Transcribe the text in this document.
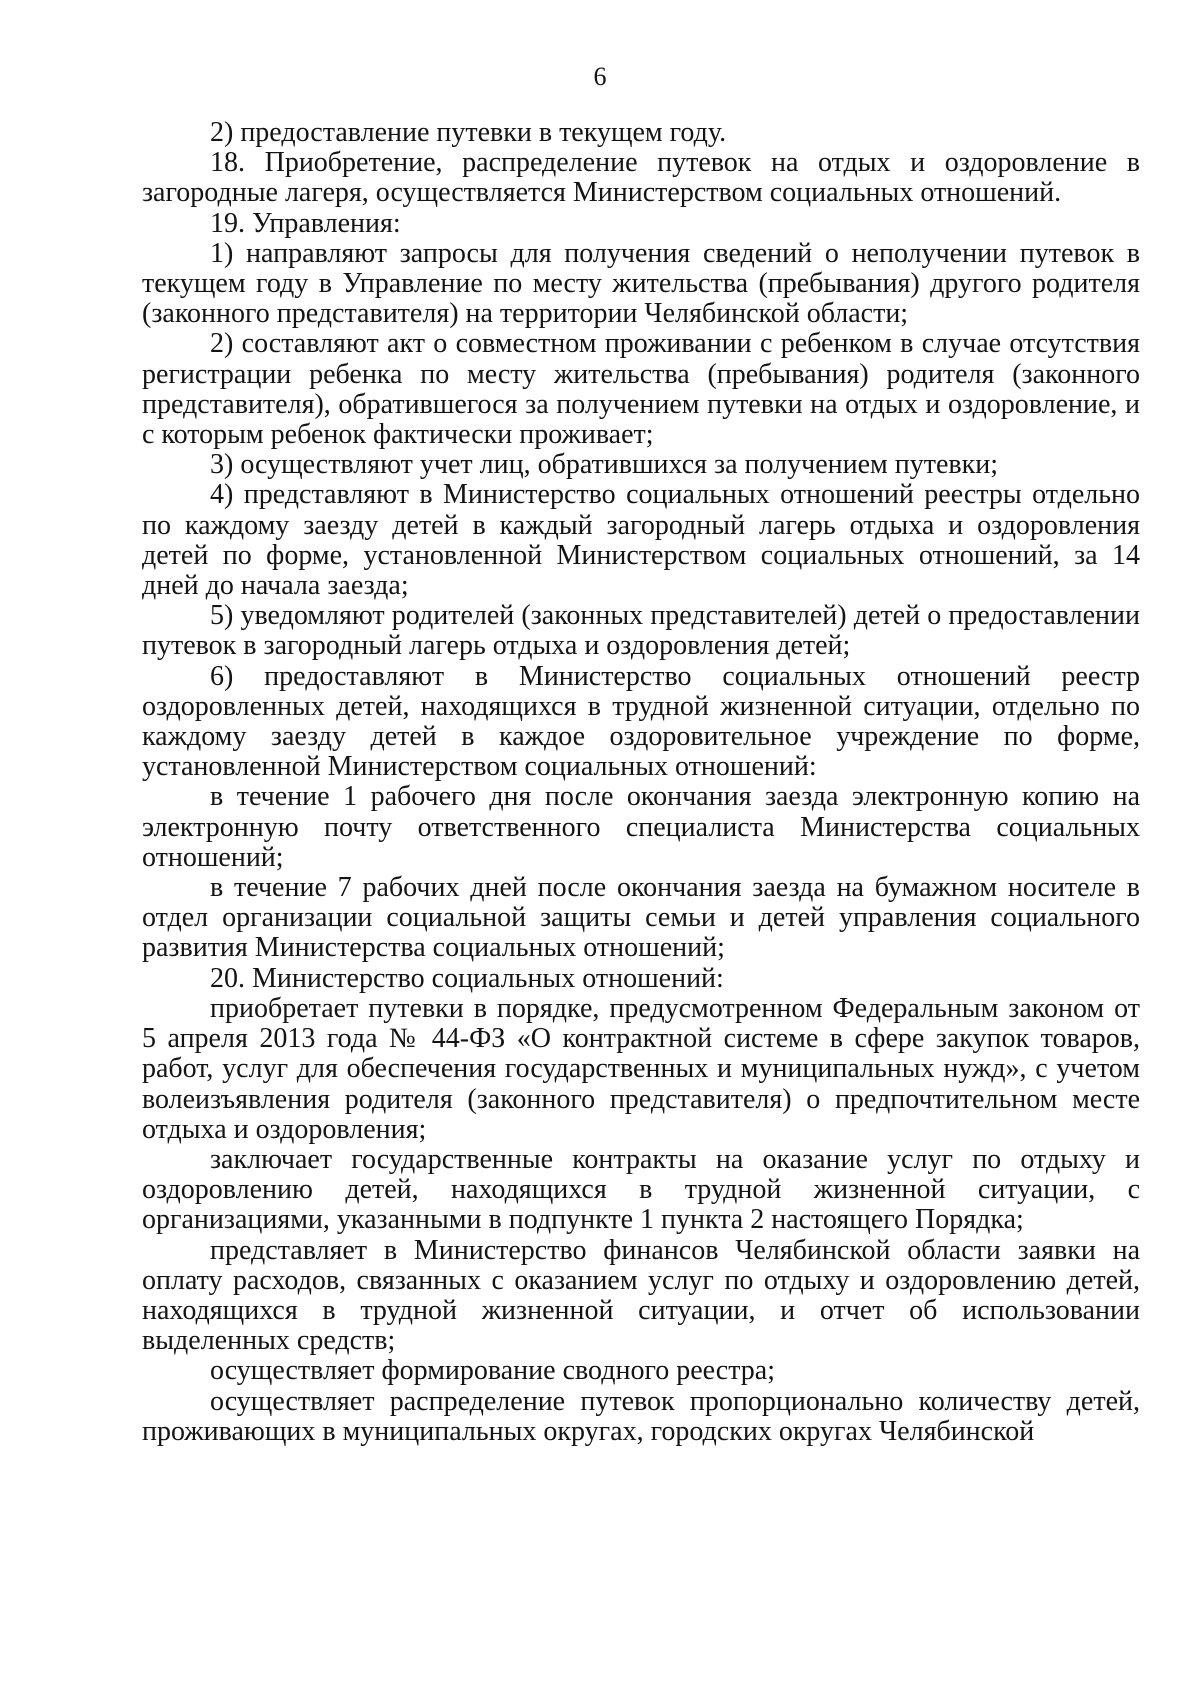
6

2) предоставление путевки в текущем году.

18. Приобретение, распределение путевок на отдых и оздоровление в загородные лагеря, осуществляется Министерством социальных отношений.

19. Управления:

1) направляют запросы для получения сведений о неполучении путевок в текущем году в Управление по месту жительства (пребывания) другого родителя (законного представителя) на территории Челябинской области;

2) составляют акт о совместном проживании с ребенком в случае отсутствия регистрации ребенка по месту жительства (пребывания) родителя (законного представителя), обратившегося за получением путевки на отдых и оздоровление, и с которым ребенок фактически проживает;

3) осуществляют учет лиц, обратившихся за получением путевки;

4) представляют в Министерство социальных отношений реестры отдельно по каждому заезду детей в каждый загородный лагерь отдыха и оздоровления детей по форме, установленной Министерством социальных отношений, за 14 дней до начала заезда;

5) уведомляют родителей (законных представителей) детей о предоставлении путевок в загородный лагерь отдыха и оздоровления детей;

6) предоставляют в Министерство социальных отношений реестр оздоровленных детей, находящихся в трудной жизненной ситуации, отдельно по каждому заезду детей в каждое оздоровительное учреждение по форме, установленной Министерством социальных отношений:

в течение 1 рабочего дня после окончания заезда электронную копию на электронную почту ответственного специалиста Министерства социальных отношений;

в течение 7 рабочих дней после окончания заезда на бумажном носителе в отдел организации социальной защиты семьи и детей управления социального развития Министерства социальных отношений;

20. Министерство социальных отношений:

приобретает путевки в порядке, предусмотренном Федеральным законом от 5 апреля 2013 года № 44-ФЗ «О контрактной системе в сфере закупок товаров, работ, услуг для обеспечения государственных и муниципальных нужд», с учетом волеизъявления родителя (законного представителя) о предпочтительном месте отдыха и оздоровления;

заключает государственные контракты на оказание услуг по отдыху и оздоровлению детей, находящихся в трудной жизненной ситуации, с организациями, указанными в подпункте 1 пункта 2 настоящего Порядка;

представляет в Министерство финансов Челябинской области заявки на оплату расходов, связанных с оказанием услуг по отдыху и оздоровлению детей, находящихся в трудной жизненной ситуации, и отчет об использовании выделенных средств;

осуществляет формирование сводного реестра;

осуществляет распределение путевок пропорционально количеству детей, проживающих в муниципальных округах, городских округах Челябинской
